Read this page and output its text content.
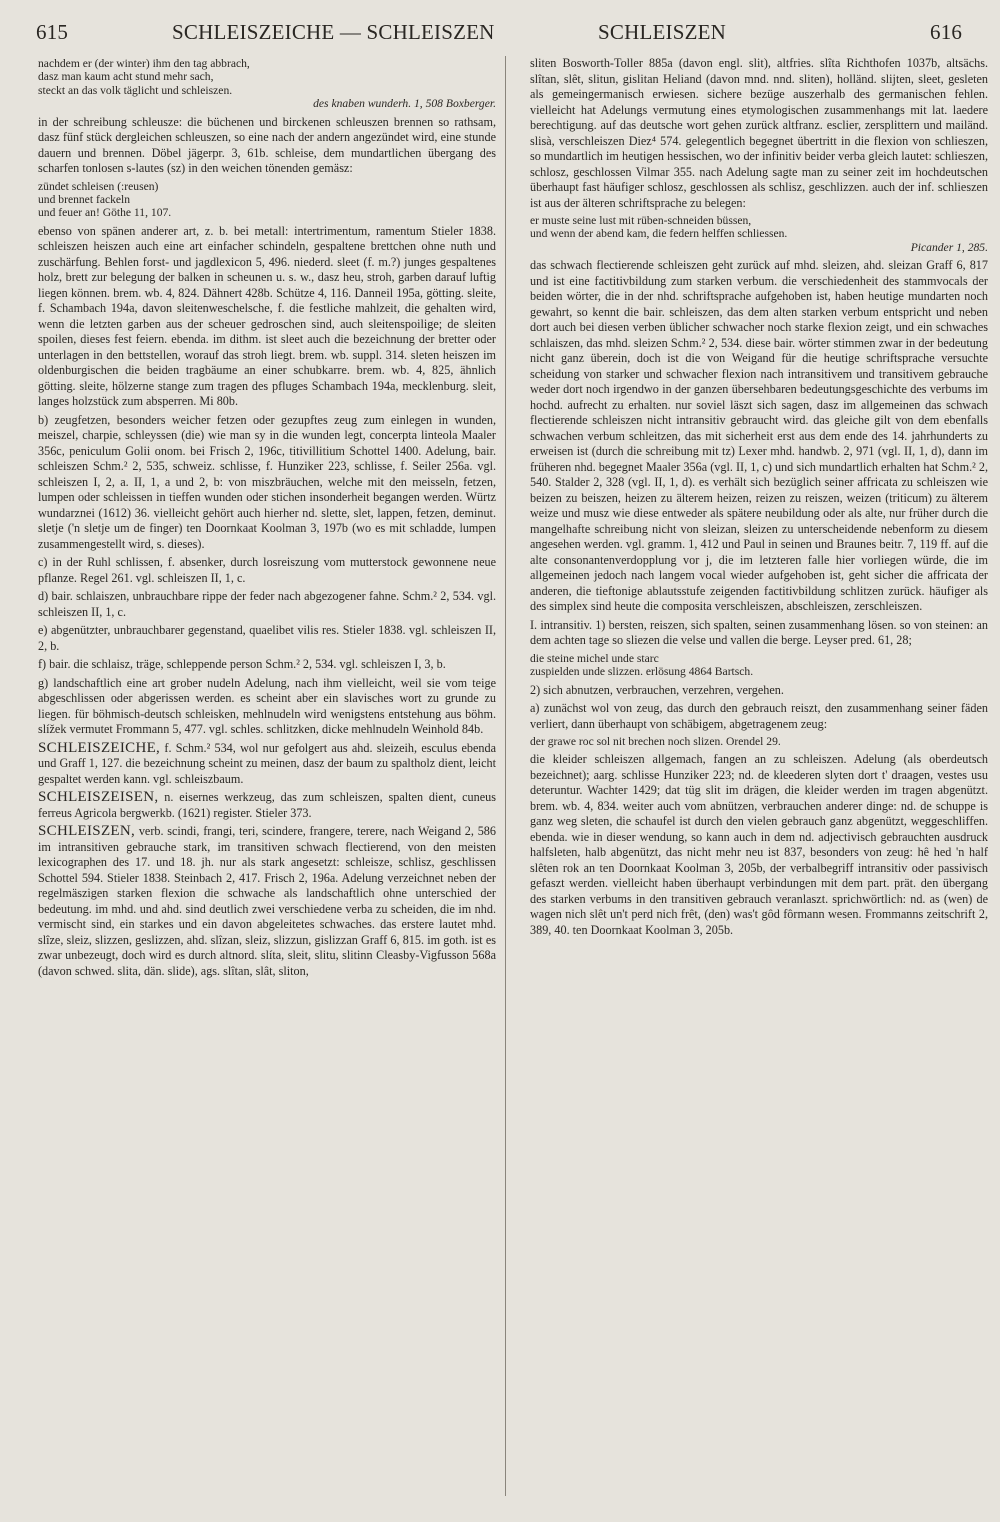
615	SCHLEISZEICHE — SCHLEISZEN	SCHLEISZEN	616
nachdem er (der winter) ihm den tag abbrach,
dasz man kaum acht stund mehr sach,
steckt an das volk täglicht und schleiszen.
des knaben wunderh. 1, 508 Boxberger.

in der schreibung schleusze: die büchenen und birckenen schleuszen brennen so rathsam, dasz fünf stück dergleichen schleuszen, so eine nach der andern angezündet wird, eine stunde dauern und brennen. Döbel jägerpr. 3, 61b. schleise, dem mundartlichen übergang des scharfen tonlosen s-lautes (sz) in den weichen tönenden gemäsz:

zündet schleisen (:reusen)
und brennet fackeln
und feuer an! Göthe 11, 107.

ebenso von spänen anderer art, z. b. bei metall: intertrimentum, ramentum Stieler 1838. schleiszen heiszen auch eine art einfacher schindeln, gespaltene brettchen ohne nuth und zuschärfung. Behlen forst- und jagdlexicon 5, 496. niederd. sleet (f. m.?) junges gespaltenes holz, brett zur belegung der balken in scheunen u. s. w., dasz heu, stroh, garben darauf luftig liegen können. brem. wb. 4, 824. Dähnert 428b. Schütze 4, 116. Danneil 195a, götting. sleite, f. Schambach 194a, davon sleitenweschelsche, f. die festliche mahlzeit, die gehalten wird, wenn die letzten garben aus der scheuer gedroschen sind, auch sleitenspoilige; de sleiten spoilen, dieses fest feiern. ebenda. im dithm. ist sleet auch die bezeichnung der bretter oder unterlagen in den bettstellen, worauf das stroh liegt. brem. wb. suppl. 314. sleten heiszen im oldenburgischen die beiden tragbäume an einer schubkarre. brem. wb. 4, 825, ähnlich götting. sleite, hölzerne stange zum tragen des pfluges Schambach 194a, mecklenburg. sleit, langes holzstück zum absperren. Mi 80b.

b) zeugfetzen, besonders weicher fetzen oder gezupftes zeug zum einlegen in wunden, meiszel, charpie, schleyssen (die) wie man sy in die wunden legt, concerpta linteola Maaler 356c, peniculum Golii onom. bei Frisch 2, 196c, titivillitium Schottel 1400. Adelung, bair. schleiszen Schm.² 2, 535, schweiz. schlisse, f. Hunziker 223, schlisse, f. Seiler 256a. vgl. schleiszen I, 2, a. II, 1, a und 2, b: von miszbräuchen, welche mit den meisseln, fetzen, lumpen oder schleissen in tieffen wunden oder stichen insonderheit begangen werden. Würtz wundarznei (1612) 36. vielleicht gehört auch hierher nd. slette, slet, lappen, fetzen, deminut. sletje ('n sletje um de finger) ten Doornkaat Koolman 3, 197b (wo es mit schladde, lumpen zusammengestellt wird, s. dieses).

c) in der Ruhl schlissen, f. absenker, durch losreiszung vom mutterstock gewonnene neue pflanze. Regel 261. vgl. schleiszen II, 1, c.

d) bair. schlaiszen, unbrauchbare rippe der feder nach abgezogener fahne. Schm.² 2, 534. vgl. schleiszen II, 1, c.

e) abgenützter, unbrauchbarer gegenstand, quaelibet vilis res. Stieler 1838. vgl. schleiszen II, 2, b.

f) bair. die schlaisz, träge, schleppende person Schm.² 2, 534. vgl. schleiszen I, 3, b.

g) landschaftlich eine art grober nudeln Adelung, nach ihm vielleicht, weil sie vom teige abgeschlissen oder abgerissen werden. es scheint aber ein slavisches wort zu grunde zu liegen. für böhmisch-deutsch schleisken, mehlnudeln wird wenigstens entstehung aus böhm. slížek vermutet Frommann 5, 477. vgl. schles. schlitzken, dicke mehlnudeln Weinhold 84b.

SCHLEISZEICHE, f. Schm.² 534, wol nur gefolgert aus ahd. sleizeih, esculus ebenda und Graff 1, 127. die bezeichnung scheint zu meinen, dasz der baum zu spaltholz dient, leicht gespaltet werden kann. vgl. schleiszbaum.

SCHLEISZEISEN, n. eisernes werkzeug, das zum schleiszen, spalten dient, cuneus ferreus Agricola bergwerkb. (1621) register. Stieler 373.

SCHLEISZEN, verb. scindi, frangi, teri, scindere, frangere, terere, nach Weigand 2, 586 im intransitiven gebrauche stark, im transitiven schwach flectierend, von den meisten lexicographen des 17. und 18. jh. nur als stark angesetzt: schleisze, schlisz, geschlissen Schottel 594. Stieler 1838. Steinbach 2, 417. Frisch 2, 196a. Adelung verzeichnet neben der regelmäszigen starken flexion die schwache als landschaftlich ohne unterschied der bedeutung. im mhd. und ahd. sind deutlich zwei verschiedene verba zu scheiden, die im nhd. vermischt sind, ein starkes und ein davon abgeleitetes schwaches. das erstere lautet mhd. slîze, sleiz, slizzen, geslizzen, ahd. slîzan, sleiz, slizzun, gislizzan Graff 6, 815. im goth. ist es zwar unbezeugt, doch wird es durch altnord. slíta, sleit, slitu, slitinn Cleasby-Vigfusson 568a (davon schwed. slita, dän. slide), ags. slîtan, slât, sliton,

sliten Bosworth-Toller 885a (davon engl. slit), altfries. slîta Richthofen 1037b, altsächs. slîtan, slêt, slitun, gislitan Heliand (davon mnd. nnd. sliten), holländ. slijten, sleet, gesleten als gemeingermanisch erwiesen. sichere bezüge auszerhalb des germanischen fehlen. vielleicht hat Adelungs vermutung eines etymologischen zusammenhangs mit lat. laedere berechtigung. auf das deutsche wort gehen zurück altfranz. esclier, zersplittern und mailänd. slisà, verschleiszen Diez⁴ 574. gelegentlich begegnet übertritt in die flexion von schlieszen, so mundartlich im heutigen hessischen, wo der infinitiv beider verba gleich lautet: schlieszen, schlosz, geschlossen Vilmar 355. nach Adelung sagte man zu seiner zeit im hochdeutschen überhaupt fast häufiger schlosz, geschlossen als schlisz, geschlizzen. auch der inf. schlieszen ist aus der älteren schriftsprache zu belegen:

er muste seine lust mit rüben-schneiden büssen,
und wenn der abend kam, die federn helffen schliessen.
Picander 1, 285.

das schwach flectierende schleiszen geht zurück auf mhd. sleizen, ahd. sleizan Graff 6, 817 und ist eine factitivbildung zum starken verbum. die verschiedenheit des stammvocals der beiden wörter, die in der nhd. schriftsprache aufgehoben ist, haben heutige mundarten noch gewahrt, so kennt die bair. schleiszen, das dem alten starken verbum entspricht und neben dort auch bei diesen verben üblicher schwacher noch starke flexion zeigt, und ein schwaches schlaiszen, das mhd. sleizen Schm.² 2, 534. diese bair. wörter stimmen zwar in der bedeutung nicht ganz überein, doch ist die von Weigand für die heutige schriftsprache versuchte scheidung von starker und schwacher flexion nach intransitivem und transitivem gebrauche weder dort noch irgendwo in der ganzen übersehbaren bedeutungsgeschichte des verbums im hochd. aufrecht zu erhalten. nur soviel läszt sich sagen, dasz im allgemeinen das schwach flectierende schleiszen nicht intransitiv gebraucht wird. das gleiche gilt von dem ebenfalls schwachen verbum schleitzen, das mit sicherheit erst aus dem ende des 14. jahrhunderts zu erweisen ist (durch die schreibung mit tz) Lexer mhd. handwb. 2, 971 (vgl. II, 1, d), dann im früheren nhd. begegnet Maaler 356a (vgl. II, 1, c) und sich mundartlich erhalten hat Schm.² 2, 540. Stalder 2, 328 (vgl. II, 1, d). es verhält sich bezüglich seiner affricata zu schleiszen wie beizen zu beiszen, heizen zu älterem heizen, reizen zu reiszen, weizen (triticum) zu älterem weize und musz wie diese entweder als spätere neubildung oder als alte, nur früher durch die mangelhafte schreibung nicht von sleizan, sleizen zu unterscheidende nebenform zu diesem angesehen werden. vgl. gramm. 1, 412 und Paul in seinen und Braunes beitr. 7, 119 ff. auf die alte consonantenverdopplung vor j, die im letzteren falle hier vorliegen würde, die im allgemeinen jedoch nach langem vocal wieder aufgehoben ist, geht sicher die affricata der anderen, die tieftonige ablautsstufe zeigenden factitivbildung schlitzen zurück. häufiger als des simplex sind heute die composita verschleiszen, abschleiszen, zerschleiszen.

I. intransitiv. 1) bersten, reiszen, sich spalten, seinen zusammenhang lösen. so von steinen: an dem achten tage so sliezen die velse und vallen die berge. Leyser pred. 61, 28;

die steine michel unde starc
zuspielden unde slizzen. erlösung 4864 Bartsch.

2) sich abnutzen, verbrauchen, verzehren, vergehen.

a) zunächst wol von zeug, das durch den gebrauch reiszt, den zusammenhang seiner fäden verliert, dann überhaupt von schäbigem, abgetragenem zeug:

der grawe roc sol nit brechen noch slizen. Orendel 29.

die kleider schleiszen allgemach, fangen an zu schleiszen. Adelung (als oberdeutsch bezeichnet); aarg. schlisse Hunziker 223; nd. de kleederen slyten dort t' draagen, vestes usu deteruntur. Wachter 1429; dat tüg slit im drägen, die kleider werden im tragen abgenützt. brem. wb. 4, 834. weiter auch vom abnützen, verbrauchen anderer dinge: nd. de schuppe is ganz weg sleten, die schaufel ist durch den vielen gebrauch ganz abgenützt, weggeschliffen. ebenda. wie in dieser wendung, so kann auch in dem nd. adjectivisch gebrauchten ausdruck halfsleten, halb abgenützt, das nicht mehr neu ist 837, besonders von zeug: hê hed 'n half slêten rok an ten Doornkaat Koolman 3, 205b, der verbalbegriff intransitiv oder passivisch gefaszt werden. vielleicht haben überhaupt verbindungen mit dem part. prät. den übergang des starken verbums in den transitiven gebrauch veranlaszt. sprichwörtlich: nd. as (wen) de wagen nich slêt un't perd nich frêt, (den) was't gôd fôrmann wesen. Frommanns zeitschrift 2, 389, 40. ten Doornkaat Koolman 3, 205b.
